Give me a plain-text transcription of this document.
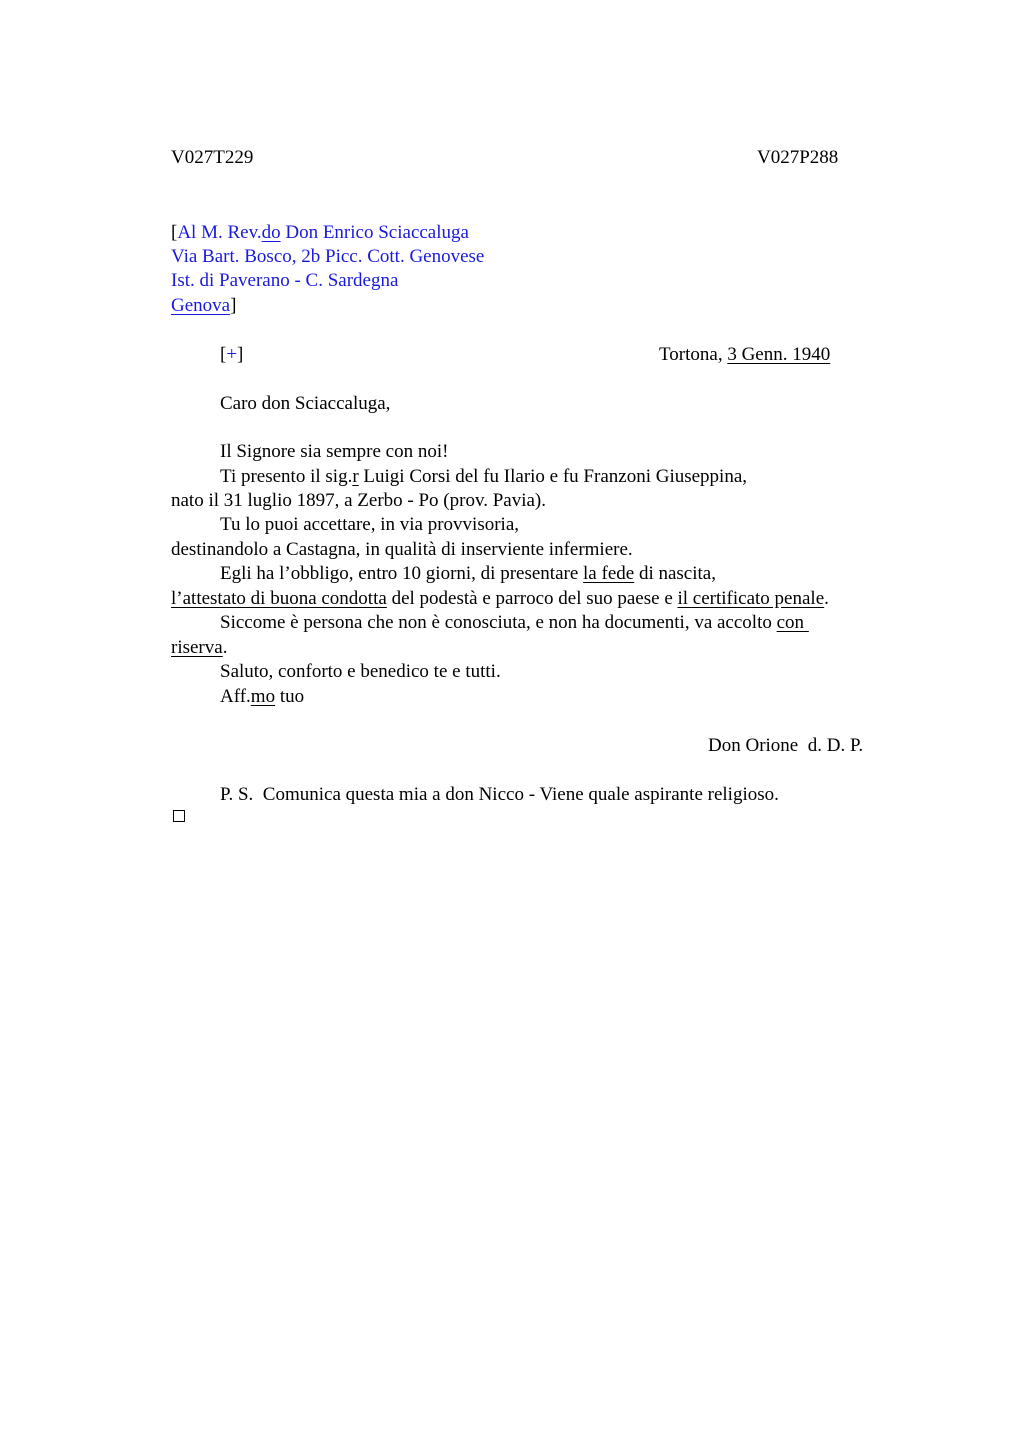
V027T229	V027P288
[Al M. Rev.do Don Enrico Sciaccaluga
Via Bart. Bosco, 2b Picc. Cott. Genovese
Ist. di Paverano - C. Sardegna
Genova]
[+]	Tortona, 3 Genn. 1940
Caro don Sciaccaluga,
Il Signore sia sempre con noi!
Ti presento il sig.r Luigi Corsi del fu Ilario e fu Franzoni Giuseppina,
nato il 31 luglio 1897, a Zerbo - Po (prov. Pavia).
Tu lo puoi accettare, in via provvisoria,
destinandolo a Castagna, in qualità di inserviente infermiere.
Egli ha l’obbligo, entro 10 giorni, di presentare la fede di nascita,
l’attestato di buona condotta del podestà e parroco del suo paese e il certificato penale.
Siccome è persona che non è conosciuta, e non ha documenti, va accolto con
riserva.
Saluto, conforto e benedico te e tutti.
Aff.mo tuo
Don Orione  d. D. P.
P. S.  Comunica questa mia a don Nicco - Viene quale aspirante religioso.
